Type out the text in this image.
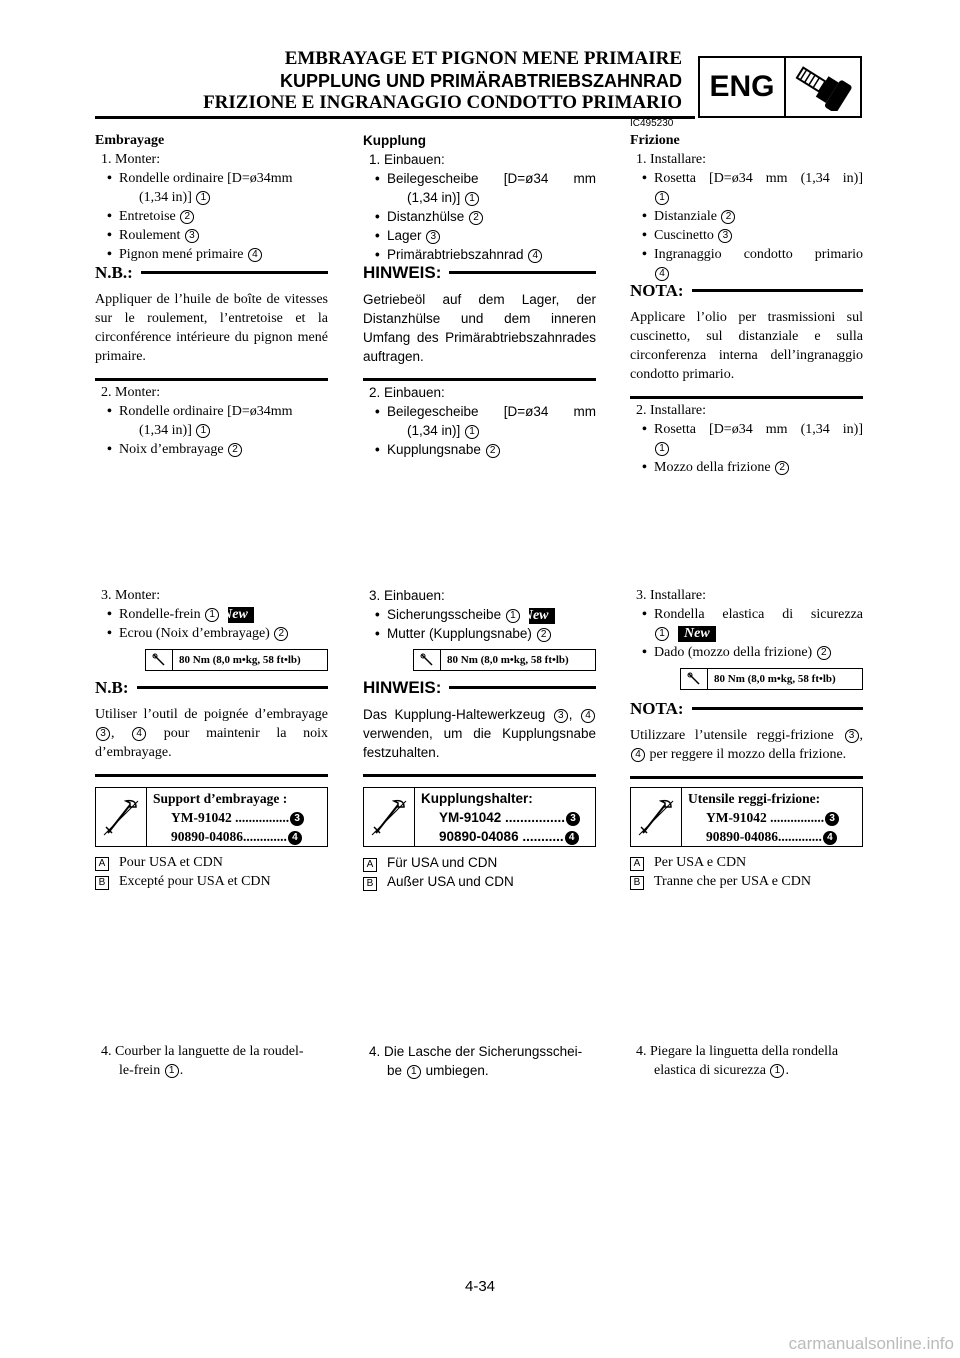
EMBRAYAGE ET PIGNON MENE PRIMAIRE
KUPPLUNG UND PRIMÄRABTRIEBSZAHNRAD
FRIZIONE E INGRANAGGIO CONDOTTO PRIMARIO ENG
IC495230
Embrayage
1. Monter:
• Rondelle ordinaire [D=ø34mm
(1,34 in)] 1
• Entretoise 2
• Roulement 3
• Pignon mené primaire 4
N.B.:
Appliquer de l’huile de boîte de vitesses sur le roulement, l’entretoise et la circonférence intérieure du pignon mené primaire.
2. Monter:
• Rondelle ordinaire [D=ø34mm
(1,34 in)] 1
• Noix d’embrayage 2
3. Monter:
• Rondelle-frein 1 New
• Ecrou (Noix d’embrayage) 2
80 Nm (8,0 m•kg, 58 ft•lb)
N.B:
Utiliser l’outil de poignée d’embrayage 3 , 4 pour maintenir la noix d’embrayage.
Support d’embrayage :
YM-91042 ................ 3
90890-04086............. 4
A Pour USA et CDN
B Excepté pour USA et CDN
4. Courber la languette de la roudel-
le-frein 1 .
Kupplung
1. Einbauen:
• Beilegescheibe [D=ø34 mm
(1,34 in)] 1
• Distanzhülse 2
• Lager 3
• Primärabtriebszahnrad 4
HINWEIS:
Getriebeöl auf dem Lager, der Distanzhülse und dem inneren Umfang des Primärabtriebszahnrades auftragen.
2. Einbauen:
• Beilegescheibe [D=ø34 mm
(1,34 in)] 1
• Kupplungsnabe 2
3. Einbauen:
• Sicherungsscheibe 1 New
• Mutter (Kupplungsnabe) 2
80 Nm (8,0 m•kg, 58 ft•lb)
HINWEIS:
Das Kupplung-Haltewerkzeug 3 , 4 verwenden, um die Kupplungsnabe festzuhalten.
Kupplungshalter:
YM-91042 ................ 3
90890-04086 ........... 4
A Für USA und CDN
B Außer USA und CDN
4. Die Lasche der Sicherungsschei-
be 1 umbiegen.
Frizione
1. Installare:
• Rosetta [D=ø34 mm (1,34 in)]
1
• Distanziale 2
• Cuscinetto 3
• Ingranaggio condotto primario
4
NOTA:
Applicare l’olio per trasmissioni sul cuscinetto, sul distanziale e sulla circonferenza interna dell’ingranaggio condotto primario.
2. Installare:
• Rosetta [D=ø34 mm (1,34 in)]
1
• Mozzo della frizione 2
3. Installare:
• Rondella elastica di sicurezza
1 New
• Dado (mozzo della frizione) 2
80 Nm (8,0 m•kg, 58 ft•lb)
NOTA:
Utilizzare l’utensile reggi-frizione 3 , 4 per reggere il mozzo della frizione.
Utensile reggi-frizione:
YM-91042 ................ 3
90890-04086............. 4
A Per USA e CDN
B Tranne che per USA e CDN
4. Piegare la linguetta della rondella
elastica di sicurezza 1 .
4-34
carmanualsonline.info
